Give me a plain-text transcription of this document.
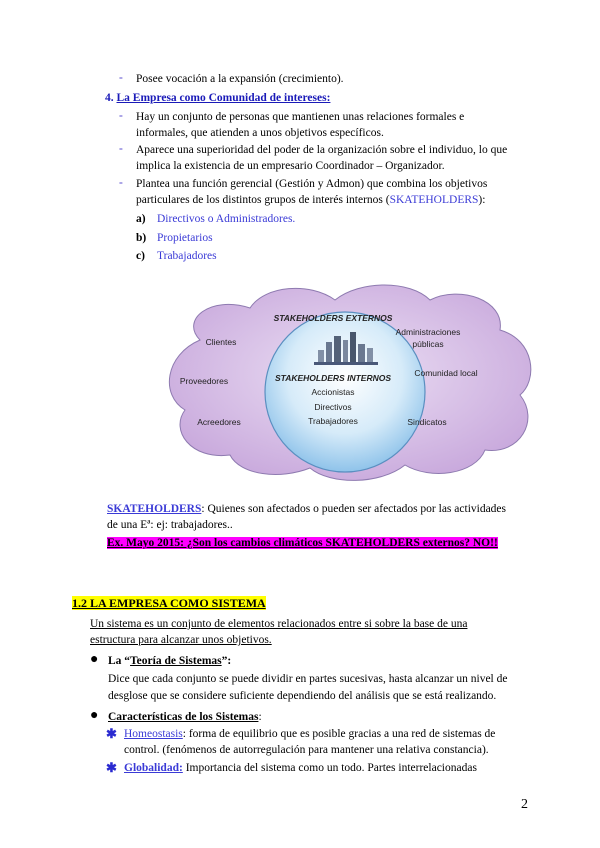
- Posee vocación a la expansión (crecimiento).
4. La Empresa como Comunidad de intereses:
- Hay un conjunto de personas que mantienen unas relaciones formales e
informales, que atienden a unos objetivos específicos.
- Aparece una superioridad del poder de la organización sobre el individuo, lo que
implica la existencia de un empresario Coordinador – Organizador.
- Plantea una función gerencial (Gestión y Admon) que combina los objetivos
particulares de los distintos grupos de interés internos (SKATEHOLDERS):
a) Directivos o Administradores.
b) Propietarios
c) Trabajadores
STAKEHOLDERS EXTERNOS
STAKEHOLDERS INTERNOS
Accionistas
Directivos
Trabajadores
Clientes
Proveedores
Acreedores
Administraciones
públicas
Comunidad local
Sindicatos
SKATEHOLDERS: Quienes son afectados o pueden ser afectados por las actividades
de una Eª: ej: trabajadores..
Ex. Mayo 2015: ¿Son los cambios climáticos SKATEHOLDERS externos? NO!!
1.2 LA EMPRESA COMO SISTEMA
Un sistema es un conjunto de elementos relacionados entre si sobre la base de una
estructura para alcanzar unos objetivos.
● La “Teoría de Sistemas”:
Dice que cada conjunto se puede dividir en partes sucesivas, hasta alcanzar un nivel de
desglose que se considere suficiente dependiendo del análisis que se está realizando.
● Características de los Sistemas:
✱ Homeostasis: forma de equilibrio que es posible gracias a una red de sistemas de
control. (fenómenos de autorregulación para mantener una relativa constancia).
✱ Globalidad: Importancia del sistema como un todo. Partes interrelacionadas
2
